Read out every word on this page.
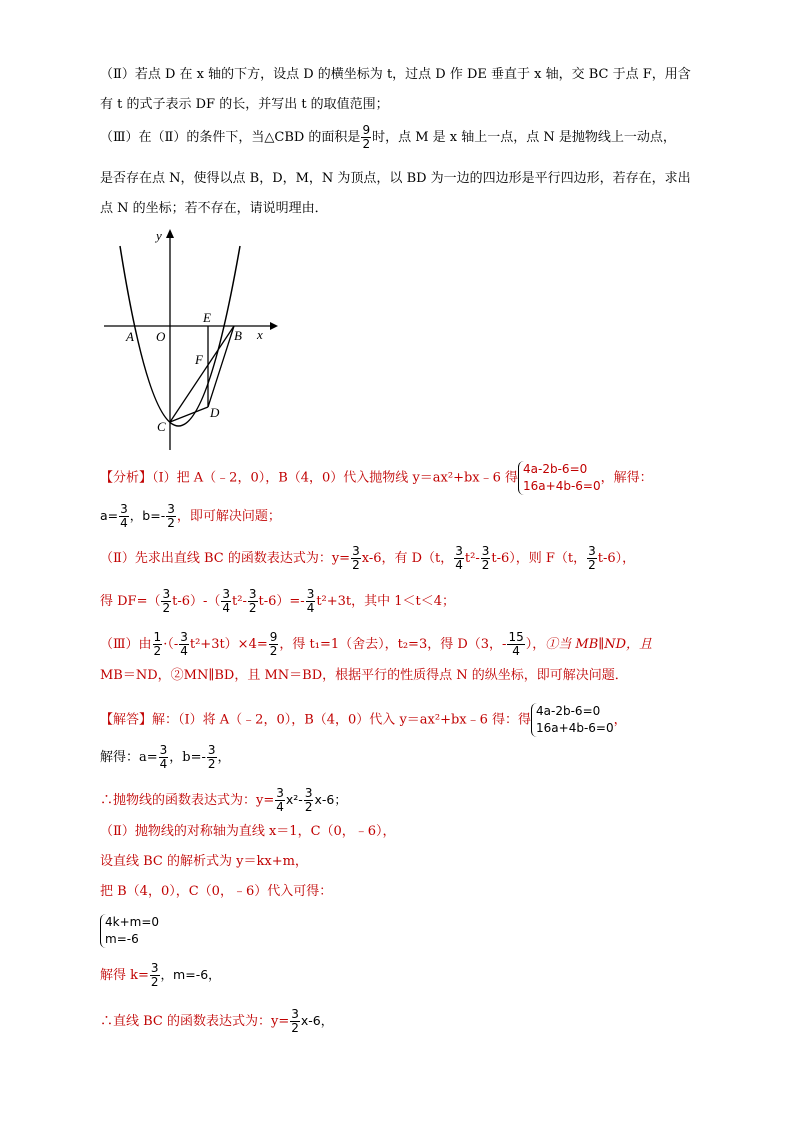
（Ⅱ）若点 D 在 x 轴的下方，设点 D 的横坐标为 t，过点 D 作 DE 垂直于 x 轴，交 BC 于点 F，用含
有 t 的式子表示 DF 的长，并写出 t 的取值范围；
（Ⅲ）在（Ⅱ）的条件下，当△CBD 的面积是 $\frac{9}{2}$ 时，点 M 是 x 轴上一点，点 N 是抛物线上一动点，
是否存在点 N，使得以点 B，D，M，N 为顶点，以 BD 为一边的四边形是平行四边形，若存在，求出
点 N 的坐标；若不存在，请说明理由．
x
y
A O	B
E
F
C
D
【分析】（Ⅰ）把 A（﹣2，0），B（4，0）代入抛物线 y＝ax²+bx﹣6 得
4a-2b-6=0
16a+4b-6=0
，解得：
$a= \frac{3}{4}$ ，$b=- \frac{3}{2}$ ，即可解决问题；
（Ⅱ）先求出直线 BC 的函数表达式为：$y= \frac{3}{2} x-6$，有 D（t， $\frac{3}{4} t^2- \frac{3}{2} t-6$），则 F（t， $\frac{3}{2} t-6$），
得 $DF=( \frac{3}{2} t-6)-( \frac{3}{4} t^2- \frac{3}{2} t-6)=- \frac{3}{4} t^2+3t$，其中 1＜t＜4；
（Ⅲ）由 $\frac{1}{2}$ ·（- $\frac{3}{4} t^2+3t)\times 4= \frac{9}{2}$ ，得 t₁=1（舍去），t₂=3，得 D（3，- $\frac{15}{4}$ ），①当 MB∥ND，且
MB＝ND，②MN∥BD，且 MN＝BD，根据平行的性质得点 N 的纵坐标，即可解决问题．
【解答】解：（Ⅰ）将 A（﹣2，0），B（4，0）代入 y＝ax²+bx﹣6 得：得
4a-2b-6=0
16a+4b-6=0
，
解得：$a= \frac{3}{4}$ ，$b=- \frac{3}{2}$ ，
∴抛物线的函数表达式为：$y= \frac{3}{4} x^2- \frac{3}{2} x-6$；
（Ⅱ）抛物线的对称轴为直线 x＝1，C（0，﹣6），
设直线 BC 的解析式为 y＝kx+m，
把 B（4，0），C（0，﹣6）代入可得：
4k+m=0
m=-6
解得 $k= \frac{3}{2}$ ，m=-6，
∴直线 BC 的函数表达式为：$y= \frac{3}{2} x-6$，
